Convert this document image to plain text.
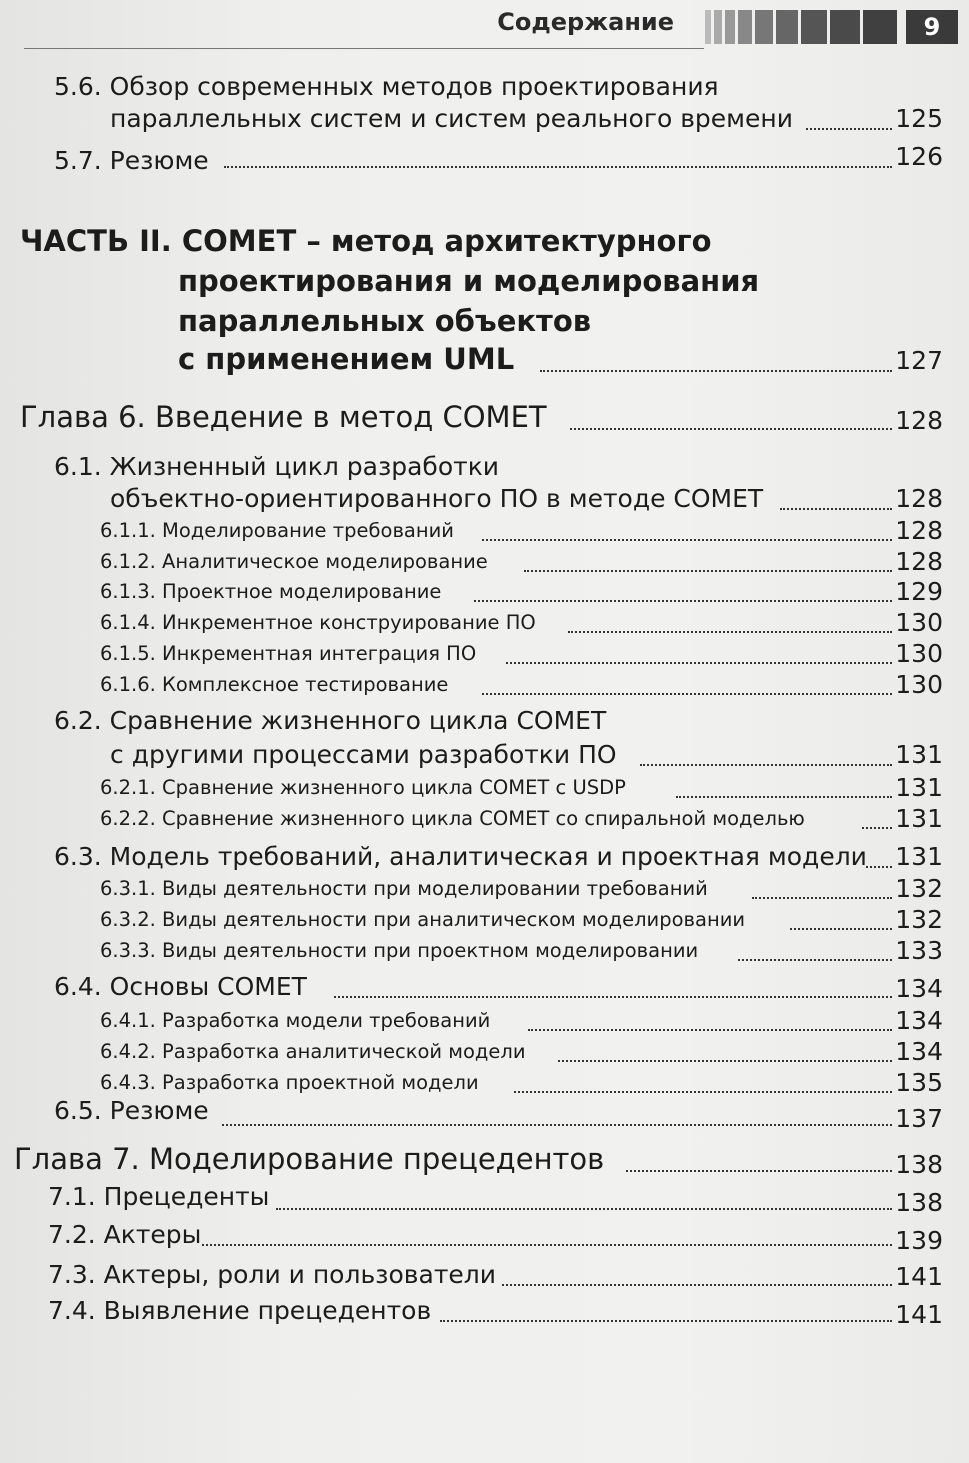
Содержание	9
5.6. Обзор современных методов проектирования
параллельных систем и систем реального времени	125
5.7. Резюме	126
ЧАСТЬ II. COMET – метод архитектурного
проектирования и моделирования
параллельных объектов
с применением UML	127
Глава 6. Введение в метод COMET	128
6.1. Жизненный цикл разработки
объектно-ориентированного ПО в методе COMET	128
6.1.1. Моделирование требований	128
6.1.2. Аналитическое моделирование	128
6.1.3. Проектное моделирование	129
6.1.4. Инкрементное конструирование ПО	130
6.1.5. Инкрементная интеграция ПО	130
6.1.6. Комплексное тестирование	130
6.2. Сравнение жизненного цикла COMET
с другими процессами разработки ПО	131
6.2.1. Сравнение жизненного цикла COMET с USDP	131
6.2.2. Сравнение жизненного цикла COMET со спиральной моделью	131
6.3. Модель требований, аналитическая и проектная модели 131
6.3.1. Виды деятельности при моделировании требований	132
6.3.2. Виды деятельности при аналитическом моделировании	132
6.3.3. Виды деятельности при проектном моделировании	133
6.4. Основы COMET	134
6.4.1. Разработка модели требований	134
6.4.2. Разработка аналитической модели	134
6.4.3. Разработка проектной модели	135
6.5. Резюме	137
Глава 7. Моделирование прецедентов	138
7.1. Прецеденты	138
7.2. Актеры	139
7.3. Актеры, роли и пользователи	141
7.4. Выявление прецедентов	141
